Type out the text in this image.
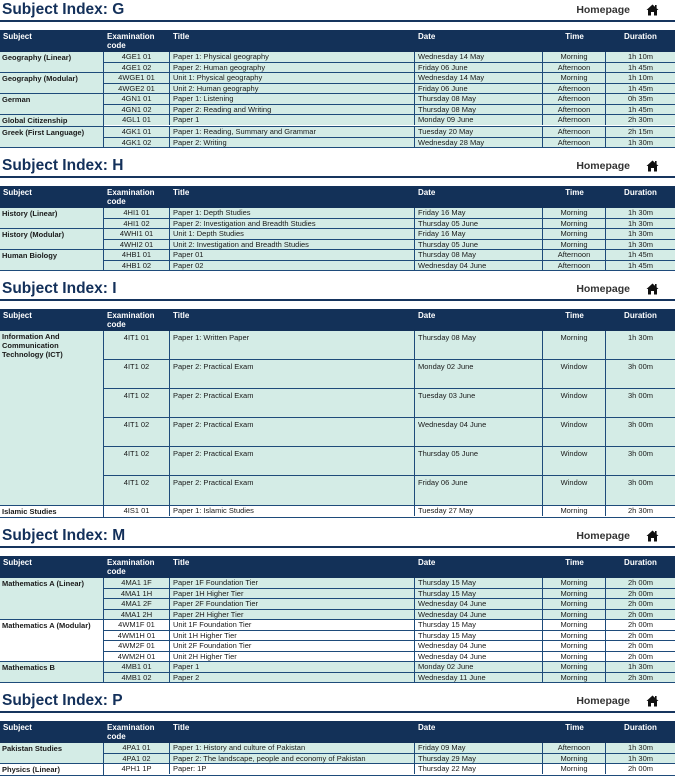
Subject Index: G	Homepage
Subject	Examination code
Title	Date	Time	Duration
Geography (Linear)	4GE1 01	Paper 1: Physical geography	Wednesday 14 May	Morning	1h 10m
4GE1 02	Paper 2: Human geography	Friday 06 June	Afternoon	1h 45m
Geography (Modular)	4WGE1 01	Unit 1: Physical geography	Wednesday 14 May	Morning	1h 10m
4WGE2 01	Unit 2: Human geography	Friday 06 June	Afternoon	1h 45m
German	4GN1 01	Paper 1: Listening	Thursday 08 May	Afternoon	0h 35m
4GN1 02	Paper 2: Reading and Writing	Thursday 08 May	Afternoon	1h 45m
Global Citizenship	4GL1 01	Paper 1	Monday 09 June	Afternoon	2h 30m
Greek (First Language)	4GK1 01	Paper 1: Reading, Summary and Grammar	Tuesday 20 May	Afternoon	2h 15m
4GK1 02	Paper 2: Writing	Wednesday 28 May	Afternoon	1h 30m
Subject Index: H	Homepage
Subject	Examination code
Title	Date	Time	Duration
History (Linear)	4HI1 01	Paper 1: Depth Studies	Friday 16 May	Morning	1h 30m
4HI1 02	Paper 2: Investigation and Breadth Studies	Thursday 05 June	Morning	1h 30m
History (Modular)	4WHI1 01	Unit 1: Depth Studies	Friday 16 May	Morning	1h 30m
4WHI2 01	Unit 2: Investigation and Breadth Studies	Thursday 05 June	Morning	1h 30m
Human Biology	4HB1 01	Paper 01	Thursday 08 May	Afternoon	1h 45m
4HB1 02	Paper 02	Wednesday 04 June	Afternoon	1h 45m
Subject Index: I	Homepage
Subject	Examination code
Title	Date	Time	Duration
Information And Communication Technology (ICT)
4IT1 01	Paper 1: Written Paper	Thursday 08 May	Morning	1h 30m
4IT1 02	Paper 2: Practical Exam	Monday 02 June	Window	3h 00m
4IT1 02	Paper 2: Practical Exam	Tuesday 03 June	Window	3h 00m
4IT1 02	Paper 2: Practical Exam	Wednesday 04 June	Window	3h 00m
4IT1 02	Paper 2: Practical Exam	Thursday 05 June	Window	3h 00m
4IT1 02	Paper 2: Practical Exam	Friday 06 June	Window	3h 00m
Islamic Studies	4IS1 01	Paper 1: Islamic Studies	Tuesday 27 May	Morning	2h 30m
Subject Index: M	Homepage
Subject	Examination code
Title	Date	Time	Duration
Mathematics A (Linear)	4MA1 1F	Paper 1F Foundation Tier	Thursday 15 May	Morning	2h 00m
4MA1 1H	Paper 1H Higher Tier	Thursday 15 May	Morning	2h 00m
4MA1 2F	Paper 2F Foundation Tier	Wednesday 04 June	Morning	2h 00m
4MA1 2H	Paper 2H Higher Tier	Wednesday 04 June	Morning	2h 00m
Mathematics A (Modular)	4WM1F 01	Unit 1F Foundation Tier	Thursday 15 May	Morning	2h 00m
4WM1H 01	Unit 1H Higher Tier	Thursday 15 May	Morning	2h 00m
4WM2F 01	Unit 2F Foundation Tier	Wednesday 04 June	Morning	2h 00m
4WM2H 01	Unit 2H Higher Tier	Wednesday 04 June	Morning	2h 00m
Mathematics B	4MB1 01	Paper 1	Monday 02 June	Morning	1h 30m
4MB1 02	Paper 2	Wednesday 11 June	Morning	2h 30m
Subject Index: P	Homepage
Subject	Examination code
Title	Date	Time	Duration
Pakistan Studies	4PA1 01	Paper 1: History and culture of Pakistan	Friday 09 May	Afternoon	1h 30m
4PA1 02	Paper 2: The landscape, people and economy of Pakistan	Thursday 29 May	Morning	1h 30m
Physics (Linear)	4PH1 1P	Paper: 1P	Thursday 22 May	Morning	2h 00m
